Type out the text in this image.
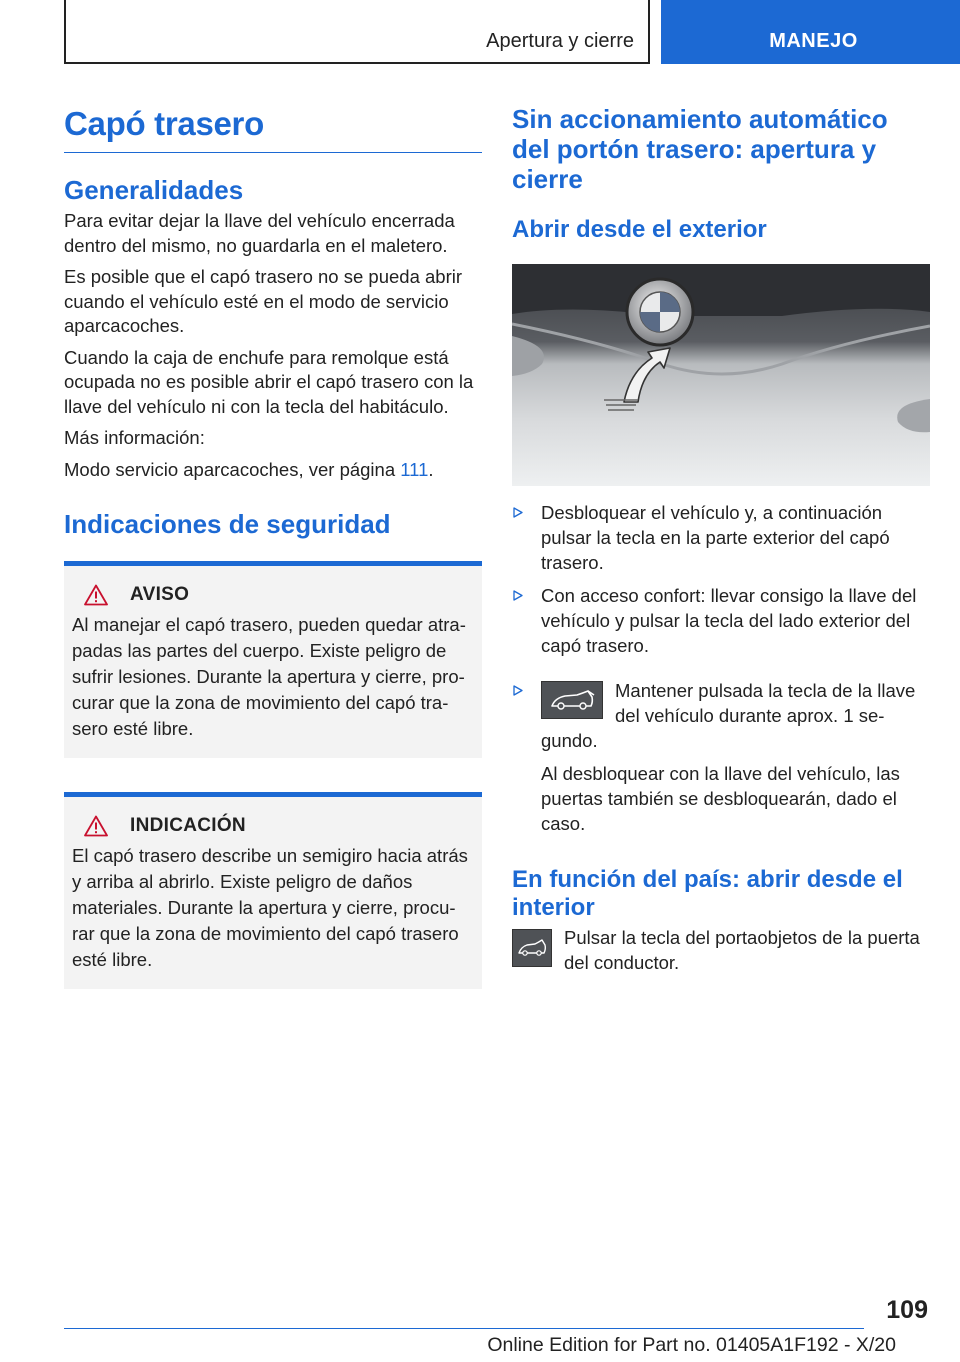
Apertura y cierre	MANEJO
Capó trasero
Generalidades

Para evitar dejar la llave del vehículo encerrada dentro del mismo, no guardarla en el maletero.

Es posible que el capó trasero no se pueda abrir cuando el vehículo esté en el modo de servicio aparcacoches.

Cuando la caja de enchufe para remolque está ocupada no es posible abrir el capó trasero con la llave del vehículo ni con la tecla del habitáculo.

Más información:

Modo servicio aparcacoches, ver página 111.

Indicaciones de seguridad
AVISO

Al manejar el capó trasero, pueden quedar atra- padas las partes del cuerpo. Existe peligro de sufrir lesiones. Durante la apertura y cierre, pro- curar que la zona de movimiento del capó tra- sero esté libre.

INDICACIÓN

El capó trasero describe un semigiro hacia atrás y arriba al abrirlo. Existe peligro de daños materiales. Durante la apertura y cierre, procu- rar que la zona de movimiento del capó trasero esté libre.

Sin accionamiento automático del portón trasero: apertura y cierre
Abrir desde el exterior
Desbloquear el vehículo y, a continuación pulsar la tecla en la parte exterior del capó trasero.
Con acceso confort: llevar consigo la llave del vehículo y pulsar la tecla del lado exterior del capó trasero.
Mantener pulsada la tecla de la llave del vehículo durante aprox. 1 se- gundo.

Al desbloquear con la llave del vehículo, las puertas también se desbloquearán, dado el caso.

En función del país: abrir desde el interior

Pulsar la tecla del portaobjetos de la puerta del conductor.

109
Online Edition for Part no. 01405A1F192 - X/20
